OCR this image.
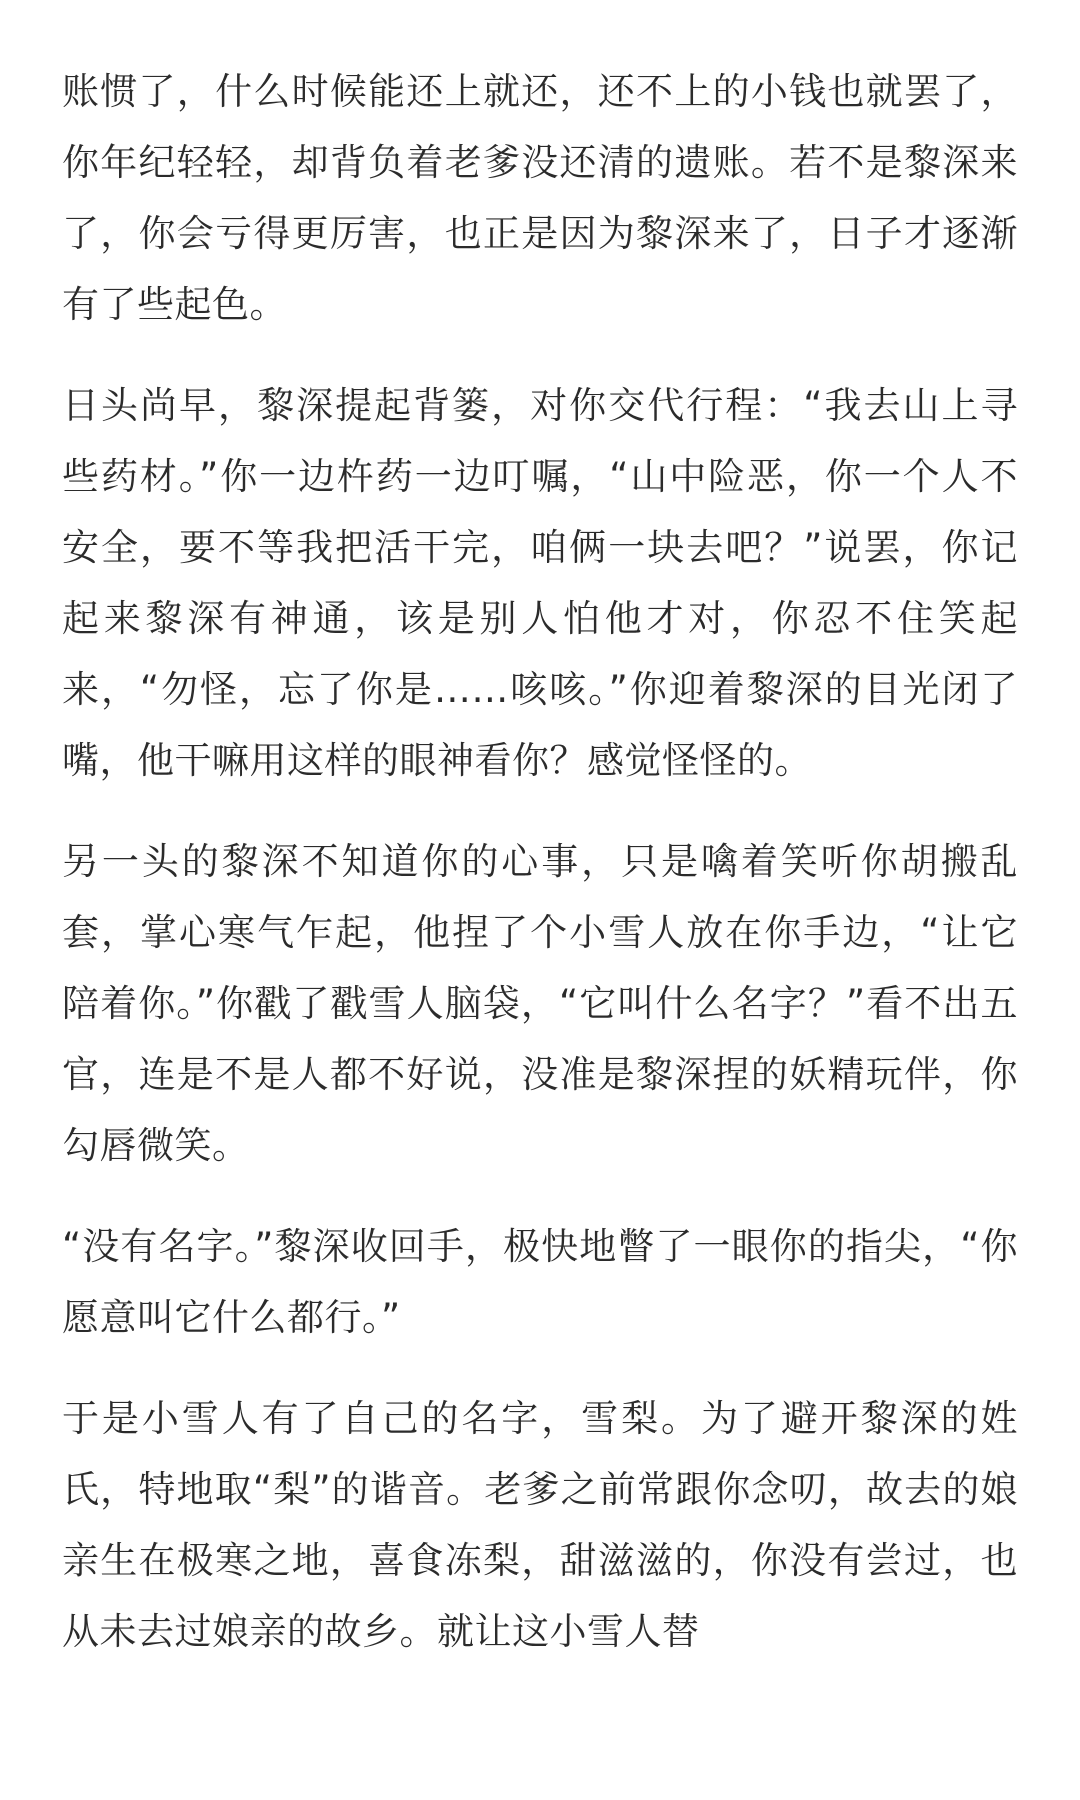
账惯了，什么时候能还上就还，还不上的小钱也就罢了，你年纪轻轻，却背负着老爹没还清的遗账。若不是黎深来了，你会亏得更厉害，也正是因为黎深来了，日子才逐渐有了些起色。

日头尚早，黎深提起背篓，对你交代行程：“我去山上寻些药材。”你一边杵药一边叮嘱，“山中险恶，你一个人不安全，要不等我把活干完，咱俩一块去吧？”说罢，你记起来黎深有神通，该是别人怕他才对，你忍不住笑起来，“勿怪，忘了你是……咳咳。”你迎着黎深的目光闭了嘴，他干嘛用这样的眼神看你？感觉怪怪的。

另一头的黎深不知道你的心事，只是噙着笑听你胡搬乱套，掌心寒气乍起，他捏了个小雪人放在你手边，“让它陪着你。”你戳了戳雪人脑袋，“它叫什么名字？”看不出五官，连是不是人都不好说，没准是黎深捏的妖精玩伴，你勾唇微笑。

“没有名字。”黎深收回手，极快地瞥了一眼你的指尖，“你愿意叫它什么都行。”

于是小雪人有了自己的名字，雪梨。为了避开黎深的姓氏，特地取“梨”的谐音。老爹之前常跟你念叨，故去的娘亲生在极寒之地，喜食冻梨，甜滋滋的，你没有尝过，也从未去过娘亲的故乡。就让这小雪人替
